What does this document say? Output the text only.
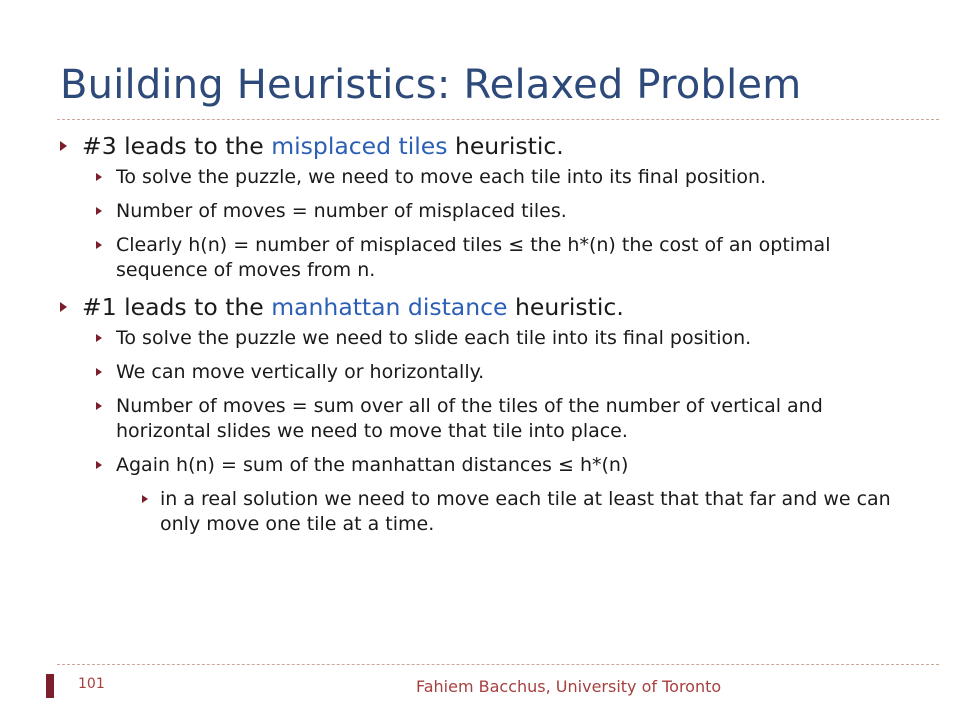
Building Heuristics: Relaxed Problem
#3 leads to the misplaced tiles heuristic.
To solve the puzzle, we need to move each tile into its final position.
Number of moves = number of misplaced tiles.
Clearly h(n) = number of misplaced tiles ≤ the h*(n) the cost of an optimal sequence of moves from n.
#1 leads to the manhattan distance heuristic.
To solve the puzzle we need to slide each tile into its final position.
We can move vertically or horizontally.
Number of moves = sum over all of the tiles of the number of vertical and horizontal slides we need to move that tile into place.
Again h(n) = sum of the manhattan distances ≤ h*(n)
in a real solution we need to move each tile at least that that far and we can only move one tile at a time.
101	Fahiem Bacchus, University of Toronto
